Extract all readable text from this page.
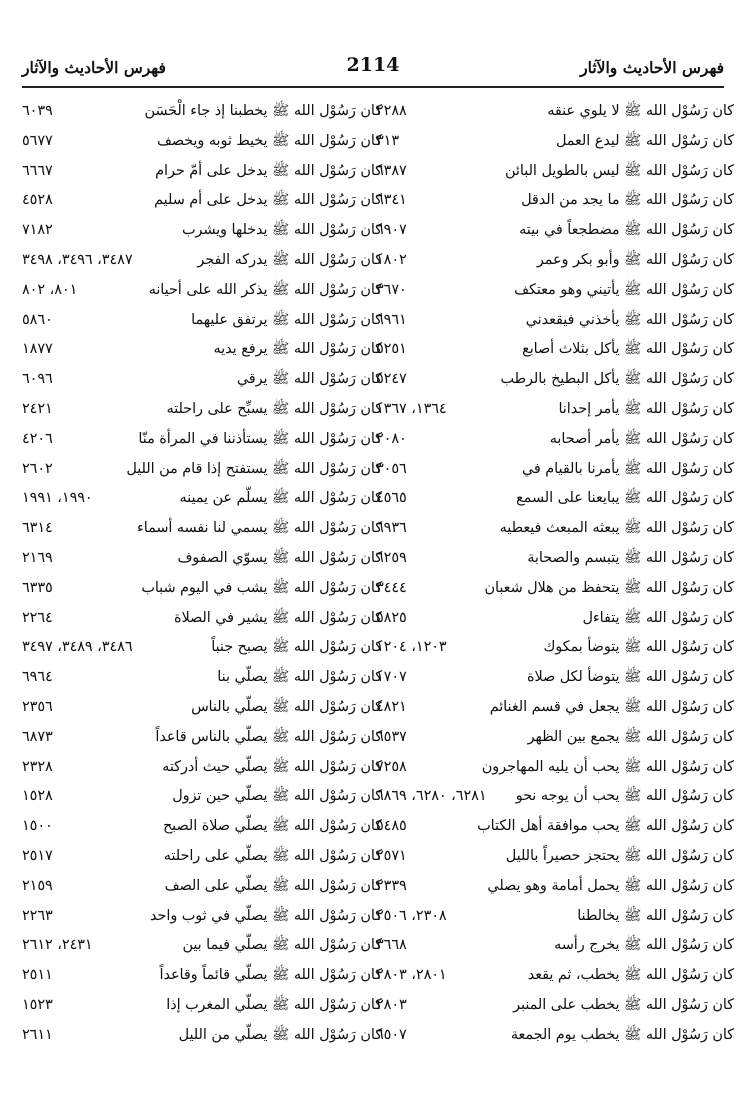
فهرس الأحاديث والآثار
2114
فهرس الأحاديث والآثار
كان رَسُوْل الله ﷺ لا يلوي عنقه
٢٢٨٨
كان رَسُوْل الله ﷺ ليدع العمل
٣١٣
كان رَسُوْل الله ﷺ ليس بالطويل البائن
٦٣٨٧
كان رَسُوْل الله ﷺ ما يجد من الدقل
٦٣٤١
كان رَسُوْل الله ﷺ مضطجعاً في بيته
٦٩٠٧
كان رَسُوْل الله ﷺ وأبو بكر وعمر
١٨٠٢
كان رَسُوْل الله ﷺ يأتيني وهو معتكف
٣٦٧٠
كان رَسُوْل الله ﷺ يأخذني فيقعدني
٦٩٦١
كان رَسُوْل الله ﷺ يأكل بثلاث أصابع
٥٢٥١
كان رَسُوْل الله ﷺ يأكل البطيخ بالرطب
٥٢٤٧
كان رَسُوْل الله ﷺ يأمر إحدانا
١٣٦٤، ١٣٦٧
كان رَسُوْل الله ﷺ يأمر أصحابه
٢٠٨٠
كان رَسُوْل الله ﷺ يأمرنا بالقيام في
٣٠٥٦
كان رَسُوْل الله ﷺ يبايعنا على السمع
٤٥٦٥
كان رَسُوْل الله ﷺ يبعثه المبعث فيعطيه
٦٩٣٦
كان رَسُوْل الله ﷺ يتبسم والصحابة
٦٢٥٩
كان رَسُوْل الله ﷺ يتحفظ من هلال شعبان
٣٤٤٤
كان رَسُوْل الله ﷺ يتفاءل
٥٨٢٥
كان رَسُوْل الله ﷺ يتوضأ بمكوك
١٢٠٣، ١٢٠٤
كان رَسُوْل الله ﷺ يتوضأ لكل صلاة
١٧٠٧
كان رَسُوْل الله ﷺ يجعل في قسم الغنائم
٤٨٢١
كان رَسُوْل الله ﷺ يجمع بين الظهر
٦٥٣٧
كان رَسُوْل الله ﷺ يحب أن يليه المهاجرون
٧٢٥٨
كان رَسُوْل الله ﷺ يحب أن يوجه نحو
٦٢٨١، ٦٢٨٠، ٦٨٦٩
كان رَسُوْل الله ﷺ يحب موافقة أهل الكتاب
٥٤٨٥
كان رَسُوْل الله ﷺ يحتجز حصيراً بالليل
٢٥٧١
كان رَسُوْل الله ﷺ يحمل أمامة وهو يصلي
٢٣٣٩
كان رَسُوْل الله ﷺ يخالطنا
٢٣٠٨، ٢٥٠٦
كان رَسُوْل الله ﷺ يخرج رأسه
٣٦٦٨
كان رَسُوْل الله ﷺ يخطب، ثم يقعد
٢٨٠١، ٢٨٠٣
كان رَسُوْل الله ﷺ يخطب على المنبر
٢٨٠٣
كان رَسُوْل الله ﷺ يخطب يوم الجمعة
٦٥٠٧
كان رَسُوْل الله ﷺ يخطبنا إذ جاء الْحَسَن
٦٠٣٩
كان رَسُوْل الله ﷺ يخيط ثوبه ويخصف
٥٦٧٧
كان رَسُوْل الله ﷺ يدخل على أمّ حرام
٦٦٦٧
كان رَسُوْل الله ﷺ يدخل على أم سليم
٤٥٢٨
كان رَسُوْل الله ﷺ يدخلها ويشرب
٧١٨٢
كان رَسُوْل الله ﷺ يدركه الفجر
٣٤٨٧، ٣٤٩٦، ٣٤٩٨
كان رَسُوْل الله ﷺ يذكر الله على أحيانه
٨٠١، ٨٠٢
كان رَسُوْل الله ﷺ يرتفق عليهما
٥٨٦٠
كان رَسُوْل الله ﷺ يرفع يديه
١٨٧٧
كان رَسُوْل الله ﷺ يرقي
٦٠٩٦
كان رَسُوْل الله ﷺ يسبِّح على راحلته
٢٤٢١
كان رَسُوْل الله ﷺ يستأذننا في المرأة منّا
٤٢٠٦
كان رَسُوْل الله ﷺ يستفتح إذا قام من الليل
٢٦٠٢
كان رَسُوْل الله ﷺ يسلّم عن يمينه
١٩٩٠، ١٩٩١
كان رَسُوْل الله ﷺ يسمي لنا نفسه أسماء
٦٣١٤
كان رَسُوْل الله ﷺ يسوّي الصفوف
٢١٦٩
كان رَسُوْل الله ﷺ يشب في اليوم شباب
٦٣٣٥
كان رَسُوْل الله ﷺ يشير في الصلاة
٢٢٦٤
كان رَسُوْل الله ﷺ يصبح جنباً
٣٤٨٦، ٣٤٨٩، ٣٤٩٧
كان رَسُوْل الله ﷺ يصلّي بنا
٦٩٦٤
كان رَسُوْل الله ﷺ يصلّي بالناس
٢٣٥٦
كان رَسُوْل الله ﷺ يصلّي بالناس قاعداً
٦٨٧٣
كان رَسُوْل الله ﷺ يصلّي حيث أدركته
٢٣٢٨
كان رَسُوْل الله ﷺ يصلّي حين تزول
١٥٢٨
كان رَسُوْل الله ﷺ يصلّي صلاة الصبح
١٥٠٠
كان رَسُوْل الله ﷺ يصلّي على راحلته
٢٥١٧
كان رَسُوْل الله ﷺ يصلّي على الصف
٢١٥٩
كان رَسُوْل الله ﷺ يصلّي في ثوب واحد
٢٢٦٣
كان رَسُوْل الله ﷺ يصلّي فيما بين
٢٤٣١، ٢٦١٢
كان رَسُوْل الله ﷺ يصلّي قائماً وقاعداً
٢٥١١
كان رَسُوْل الله ﷺ يصلّي المغرب إذا
١٥٢٣
كان رَسُوْل الله ﷺ يصلّي من الليل
٢٦١١
